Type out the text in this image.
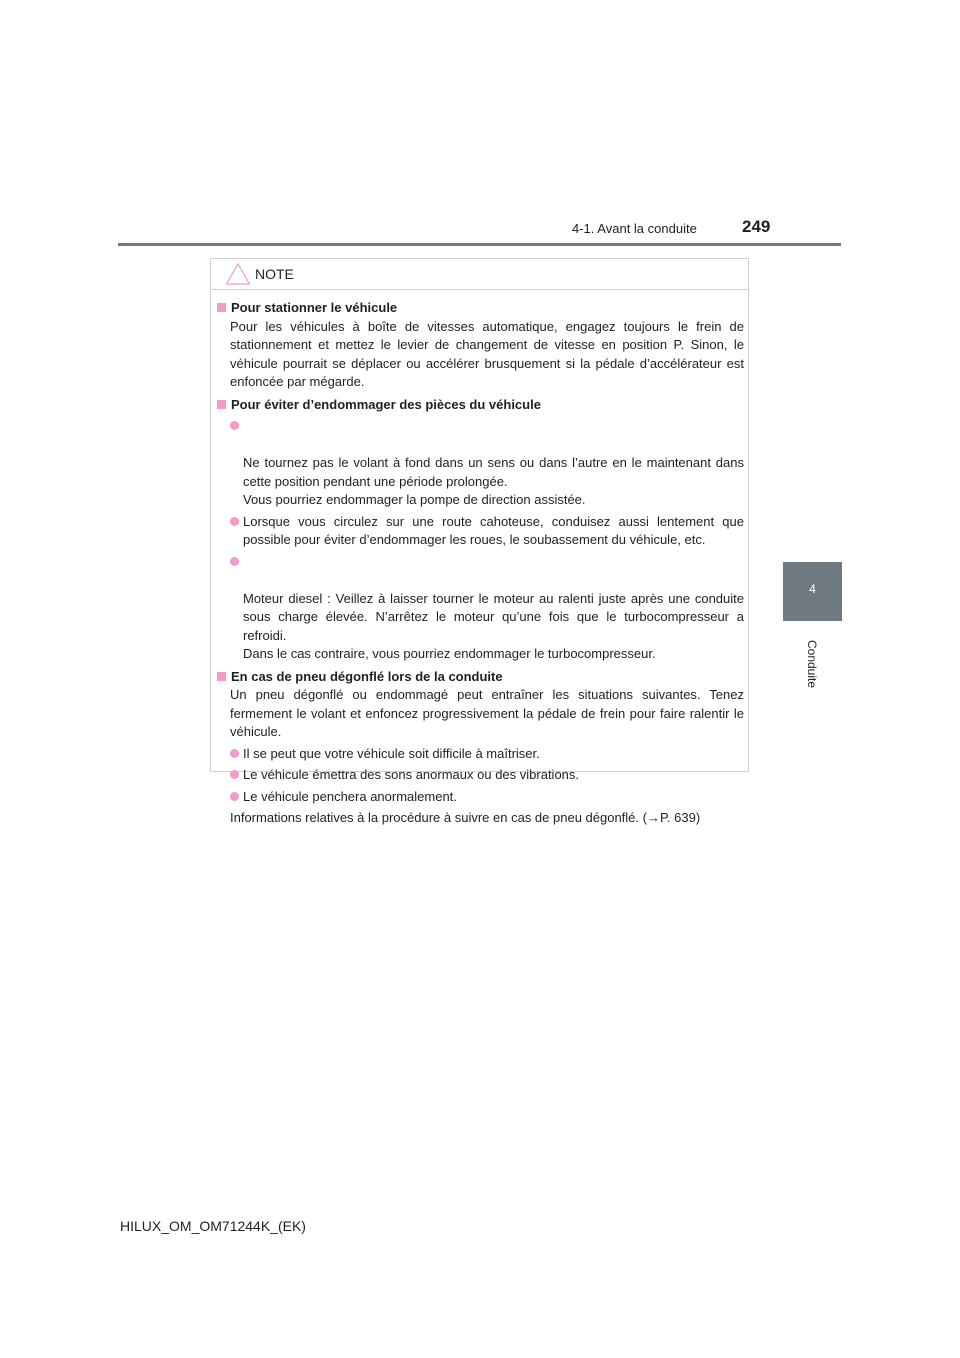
4-1. Avant la conduite	249
4
Conduite
NOTE
Pour stationner le véhicule
Pour les véhicules à boîte de vitesses automatique, engagez toujours le frein de stationnement et mettez le levier de changement de vitesse en position P. Sinon, le véhicule pourrait se déplacer ou accélérer brusquement si la pédale d’accélérateur est enfoncée par mégarde.
Pour éviter d’endommager des pièces du véhicule

Ne tournez pas le volant à fond dans un sens ou dans l’autre en le maintenant dans cette position pendant une période prolongée.
Vous pourriez endommager la pompe de direction assistée.

Lorsque vous circulez sur une route cahoteuse, conduisez aussi lentement que possible pour éviter d’endommager les roues, le soubassement du véhicule, etc.

Moteur diesel : Veillez à laisser tourner le moteur au ralenti juste après une conduite sous charge élevée. N’arrêtez le moteur qu’une fois que le turbocompresseur a refroidi.
Dans le cas contraire, vous pourriez endommager le turbocompresseur.

En cas de pneu dégonflé lors de la conduite
Un pneu dégonflé ou endommagé peut entraîner les situations suivantes. Tenez fermement le volant et enfoncez progressivement la pédale de frein pour faire ralentir le véhicule.
Il se peut que votre véhicule soit difficile à maîtriser.
Le véhicule émettra des sons anormaux ou des vibrations.
Le véhicule penchera anormalement.
Informations relatives à la procédure à suivre en cas de pneu dégonflé. (→P. 639)
HILUX_OM_OM71244K_(EK)
